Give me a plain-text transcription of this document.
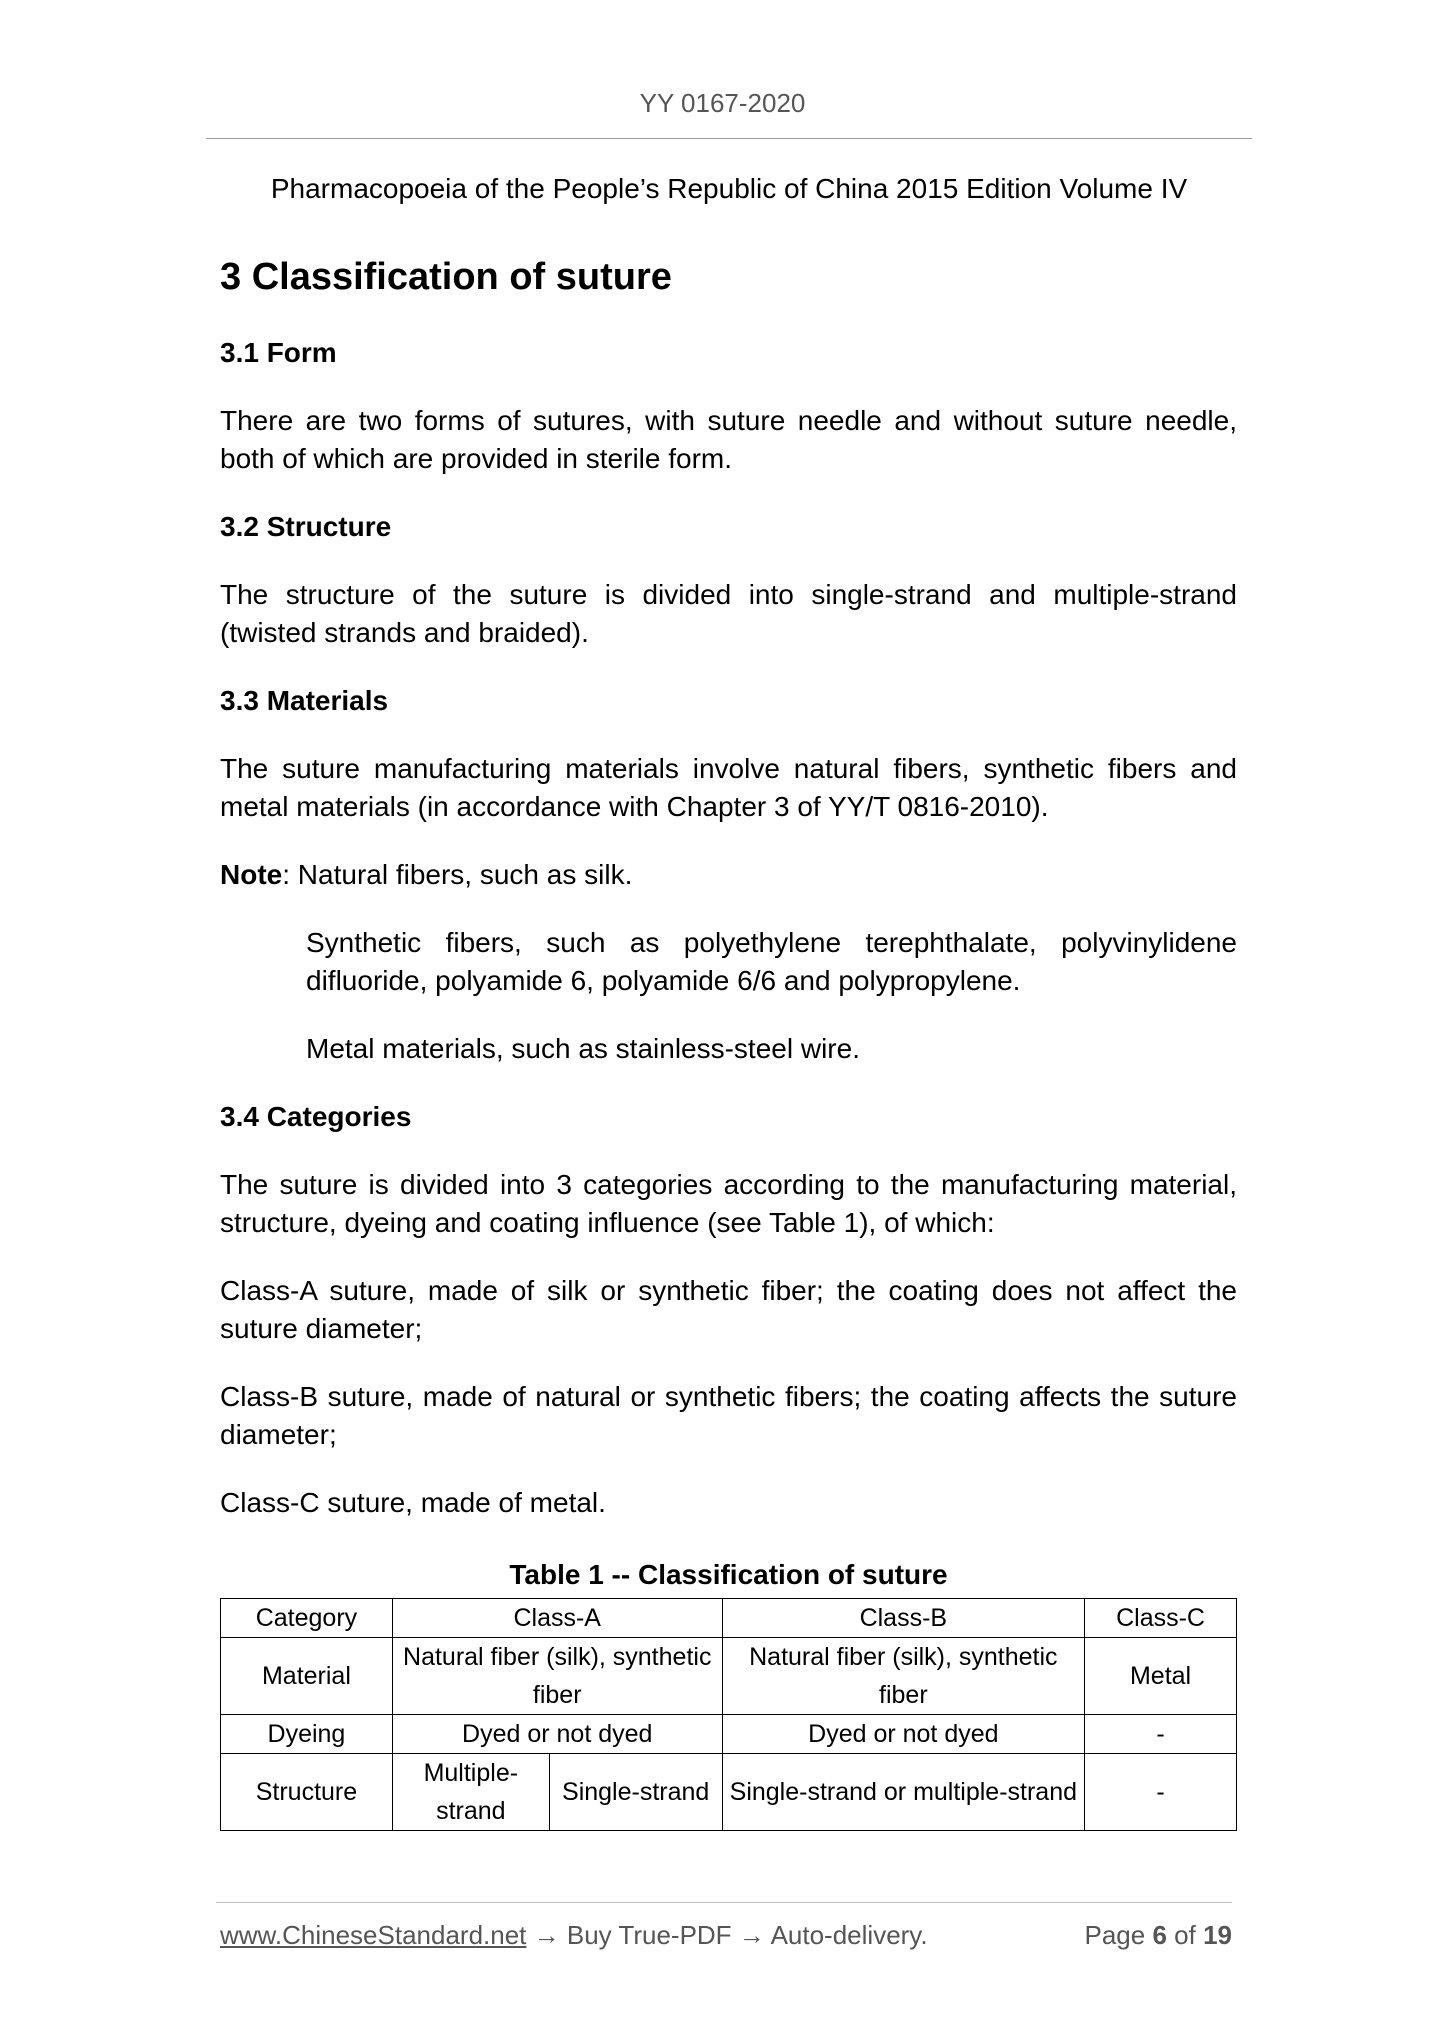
YY 0167-2020
Pharmacopoeia of the People’s Republic of China 2015 Edition Volume IV
3 Classification of suture
3.1 Form

There are two forms of sutures, with suture needle and without suture needle, both of which are provided in sterile form.

3.2 Structure

The structure of the suture is divided into single-strand and multiple-strand (twisted strands and braided).

3.3 Materials

The suture manufacturing materials involve natural fibers, synthetic fibers and metal materials (in accordance with Chapter 3 of YY/T 0816-2010).

Note: Natural fibers, such as silk.

Synthetic fibers, such as polyethylene terephthalate, polyvinylidene difluoride, polyamide 6, polyamide 6/6 and polypropylene.

Metal materials, such as stainless-steel wire.

3.4 Categories

The suture is divided into 3 categories according to the manufacturing material, structure, dyeing and coating influence (see Table 1), of which:

Class-A suture, made of silk or synthetic fiber; the coating does not affect the suture diameter;

Class-B suture, made of natural or synthetic fibers; the coating affects the suture diameter;

Class-C suture, made of metal.

Table 1 -- Classification of suture
Category	Class-A		Class-B	Class-C
Material	Natural fiber (silk), synthetic fiber		Natural fiber (silk), synthetic fiber	Metal
Dyeing	Dyed or not dyed		Dyed or not dyed	-
Structure	Multiple-strand	Single-strand	Single-strand or multiple-strand	-
www.ChineseStandard.net → Buy True-PDF → Auto-delivery.	Page 6 of 19
